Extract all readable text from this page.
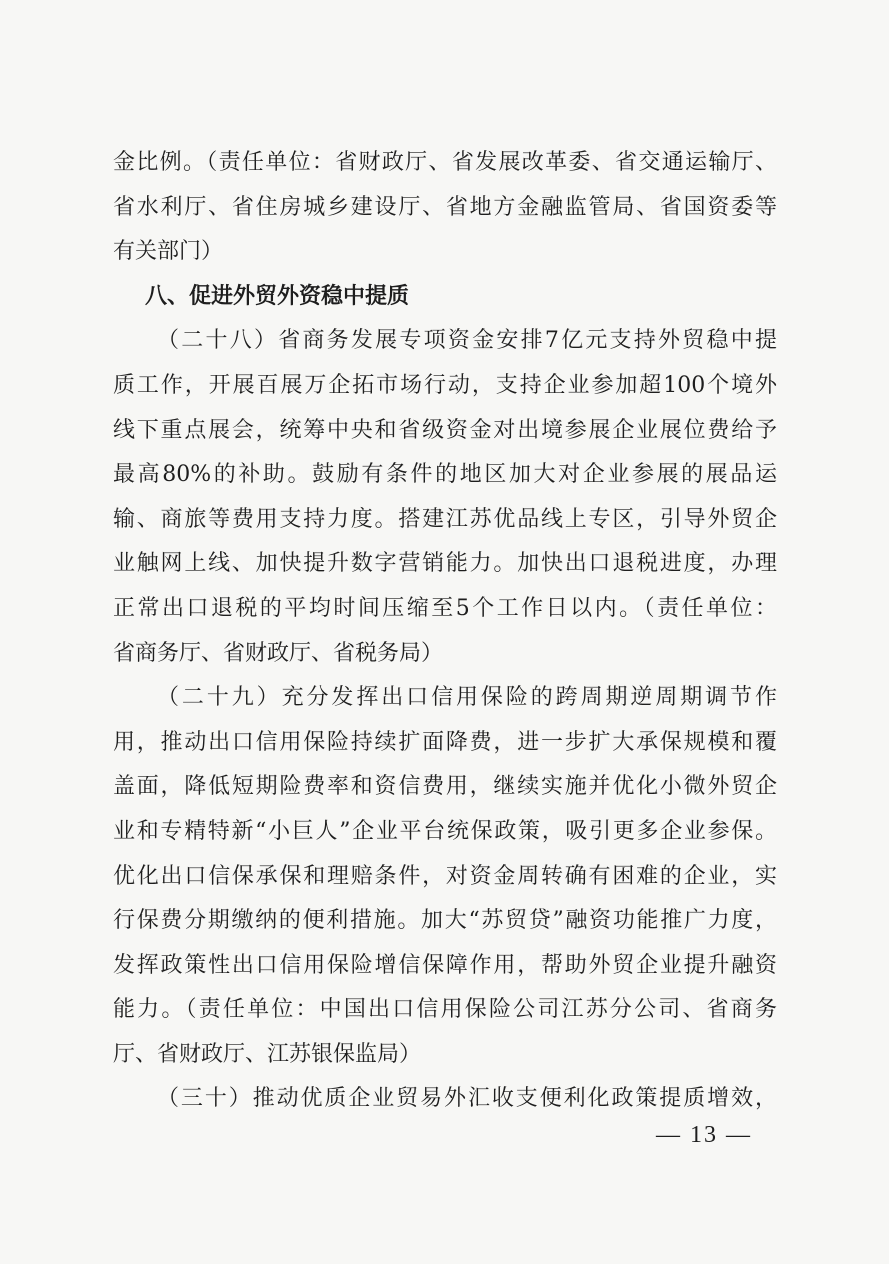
金比例。（责任单位：省财政厅、省发展改革委、省交通运输厅、
省水利厅、省住房城乡建设厅、省地方金融监管局、省国资委等
有关部门）
八、促进外贸外资稳中提质
（二十八）省商务发展专项资金安排7亿元支持外贸稳中提
质工作，开展百展万企拓市场行动，支持企业参加超100个境外
线下重点展会，统筹中央和省级资金对出境参展企业展位费给予
最高80%的补助。鼓励有条件的地区加大对企业参展的展品运
输、商旅等费用支持力度。搭建江苏优品线上专区，引导外贸企
业触网上线、加快提升数字营销能力。加快出口退税进度，办理
正常出口退税的平均时间压缩至5个工作日以内。（责任单位：
省商务厅、省财政厅、省税务局）
（二十九）充分发挥出口信用保险的跨周期逆周期调节作
用，推动出口信用保险持续扩面降费，进一步扩大承保规模和覆
盖面，降低短期险费率和资信费用，继续实施并优化小微外贸企
业和专精特新“小巨人”企业平台统保政策，吸引更多企业参保。
优化出口信保承保和理赔条件，对资金周转确有困难的企业，实
行保费分期缴纳的便利措施。加大“苏贸贷”融资功能推广力度，
发挥政策性出口信用保险增信保障作用，帮助外贸企业提升融资
能力。（责任单位：中国出口信用保险公司江苏分公司、省商务
厅、省财政厅、江苏银保监局）
（三十）推动优质企业贸易外汇收支便利化政策提质增效，
— 13 —
